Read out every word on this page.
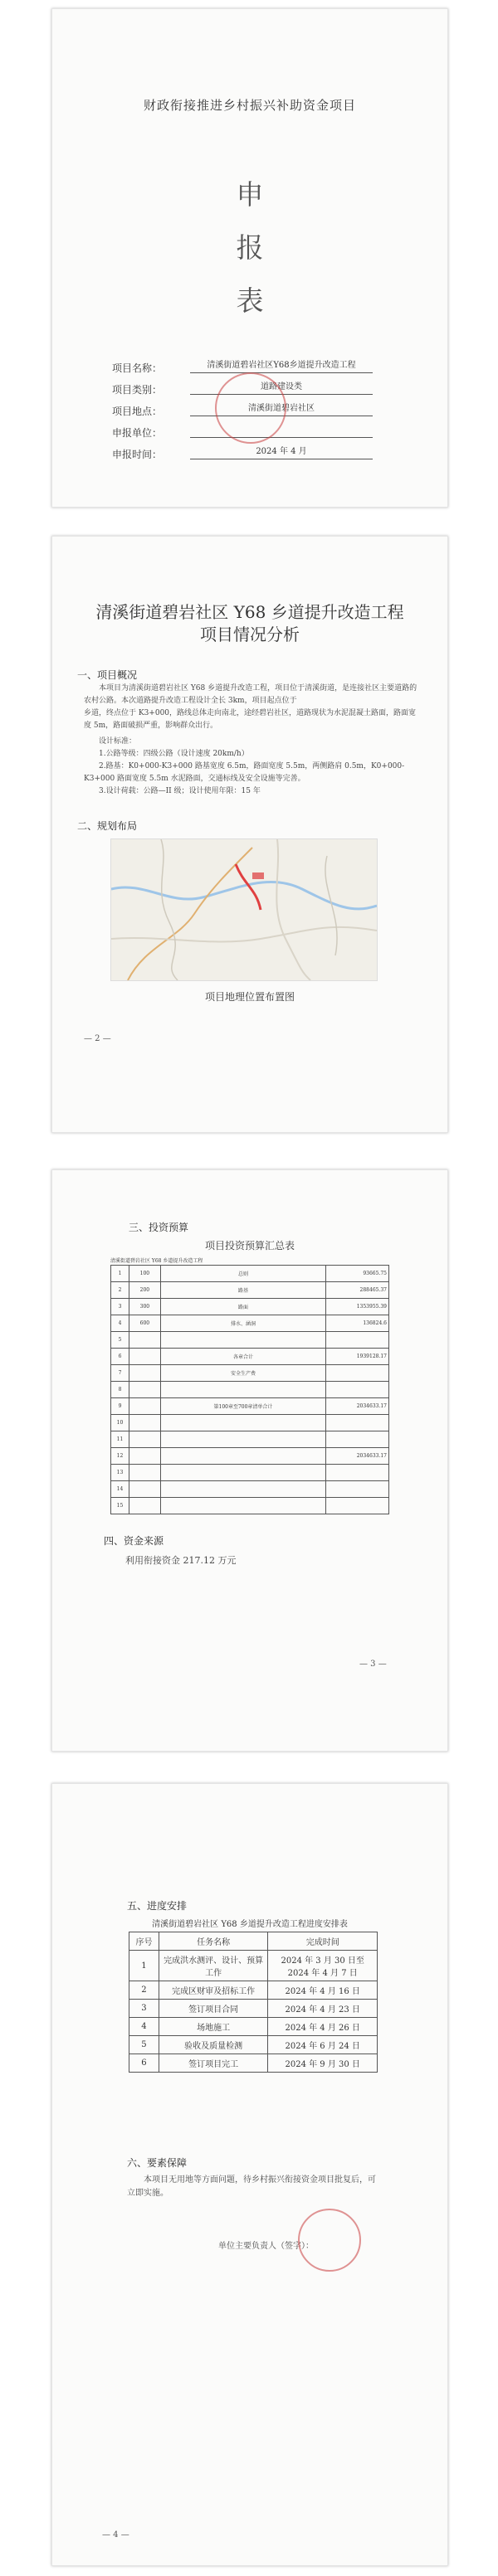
财政衔接推进乡村振兴补助资金项目
申
报
表
项目名称：	清溪街道碧岩社区Y68乡道提升改造工程
项目类别：	道路建设类
项目地点：	清溪街道碧岩社区
申报单位：
申报时间：	2024 年 4 月
清溪街道碧岩社区 Y68 乡道提升改造工程
项目情况分析
一、项目概况
本项目为清溪街道碧岩社区 Y68 乡道提升改造工程，项目位于清溪街道，是连接社区主要道路的农村公路。本次道路提升改造工程设计全长 3km，项目起点位于
乡道，终点位于 K3+000，路线总体走向南北，途经碧岩社区，道路现状为水泥混凝土路面，路面宽度 5m，路面破损严重，影响群众出行。
设计标准：
1.公路等级：四级公路（设计速度 20km/h）
2.路基：K0+000-K3+000 路基宽度 6.5m，路面宽度 5.5m，两侧路肩 0.5m，K0+000-K3+000 路面宽度 5.5m 水泥路面，交通标线及安全设施等完善。
3.设计荷载：公路—II 级；设计使用年限：15 年
二、规划布局
项目地理位置布置图
— 2 —
三、投资预算
项目投资预算汇总表
清溪街道碧岩社区 Y68 乡道提升改造工程
1	100	总则	93665.75
2	200	路基	288465.37
3	300	路面	1353955.39
4	600	排水、涵洞	136824.6
5			
6		各章合计	1939128.17
7		安全生产费	
8			
9		第100章至700章清单合计	2034633.17
10			
11			
12			2034633.17
13			
14			
15			
四、资金来源
利用衔接资金 217.12 万元
— 3 —
五、进度安排
清溪街道碧岩社区 Y68 乡道提升改造工程进度安排表
序号	任务名称	完成时间
1	完成洪水测评、设计、预算工作	2024 年 3 月 30 日至 2024 年 4 月 7 日
2	完成区财审及招标工作	2024 年 4 月 16 日
3	签订项目合同	2024 年 4 月 23 日
4	场地施工	2024 年 4 月 26 日
5	验收及质量检测	2024 年 6 月 24 日
6	签订项目完工	2024 年 9 月 30 日
六、要素保障
本项目无用地等方面问题，待乡村振兴衔接资金项目批复后，可立即实施。
单位主要负责人（签字）：
— 4 —
